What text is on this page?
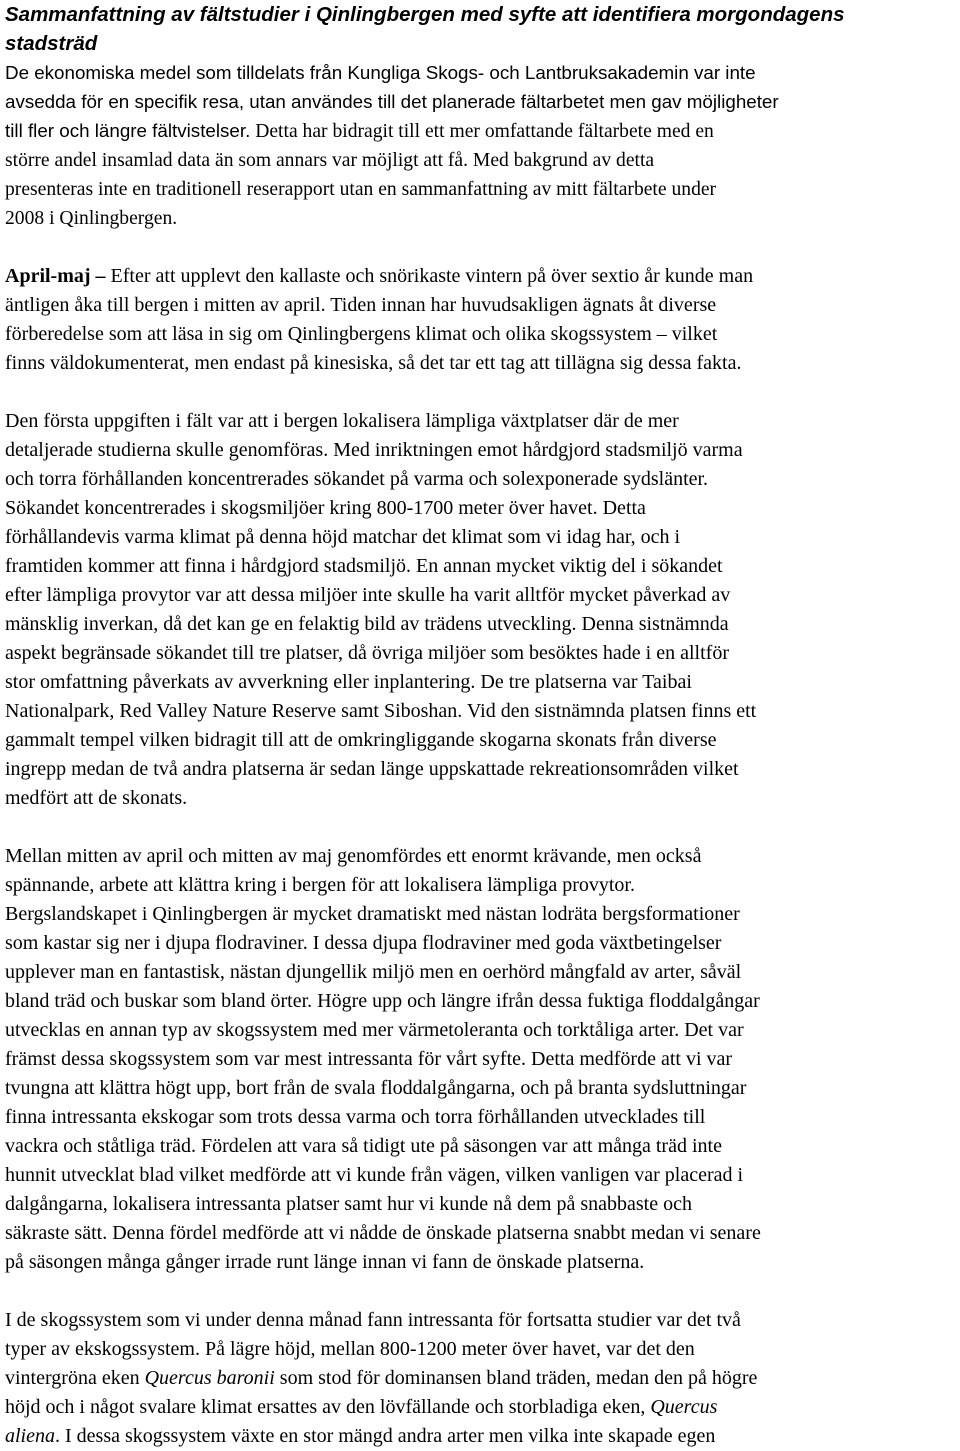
Sammanfattning av fältstudier i Qinlingbergen med syfte att identifiera morgondagens
stadsträd

De ekonomiska medel som tilldelats från Kungliga Skogs- och Lantbruksakademin var inte
avsedda för en specifik resa, utan användes till det planerade fältarbetet men gav möjligheter
till fler och längre fältvistelser. Detta har bidragit till ett mer omfattande fältarbete med en
större andel insamlad data än som annars var möjligt att få. Med bakgrund av detta
presenteras inte en traditionell reserapport utan en sammanfattning av mitt fältarbete under
2008 i Qinlingbergen.

April-maj – Efter att upplevt den kallaste och snörikaste vintern på över sextio år kunde man
äntligen åka till bergen i mitten av april. Tiden innan har huvudsakligen ägnats åt diverse
förberedelse som att läsa in sig om Qinlingbergens klimat och olika skogssystem – vilket
finns väldokumenterat, men endast på kinesiska, så det tar ett tag att tillägna sig dessa fakta.

Den första uppgiften i fält var att i bergen lokalisera lämpliga växtplatser där de mer
detaljerade studierna skulle genomföras. Med inriktningen emot hårdgjord stadsmiljö varma
och torra förhållanden koncentrerades sökandet på varma och solexponerade sydslänter.
Sökandet koncentrerades i skogsmiljöer kring 800-1700 meter över havet. Detta
förhållandevis varma klimat på denna höjd matchar det klimat som vi idag har, och i
framtiden kommer att finna i hårdgjord stadsmiljö. En annan mycket viktig del i sökandet
efter lämpliga provytor var att dessa miljöer inte skulle ha varit alltför mycket påverkad av
mänsklig inverkan, då det kan ge en felaktig bild av trädens utveckling. Denna sistnämnda
aspekt begränsade sökandet till tre platser, då övriga miljöer som besöktes hade i en alltför
stor omfattning påverkats av avverkning eller inplantering. De tre platserna var Taibai
Nationalpark, Red Valley Nature Reserve samt Siboshan. Vid den sistnämnda platsen finns ett
gammalt tempel vilken bidragit till att de omkringliggande skogarna skonats från diverse
ingrepp medan de två andra platserna är sedan länge uppskattade rekreationsområden vilket
medfört att de skonats.

Mellan mitten av april och mitten av maj genomfördes ett enormt krävande, men också
spännande, arbete att klättra kring i bergen för att lokalisera lämpliga provytor.
Bergslandskapet i Qinlingbergen är mycket dramatiskt med nästan lodräta bergsformationer
som kastar sig ner i djupa flodraviner. I dessa djupa flodraviner med goda växtbetingelser
upplever man en fantastisk, nästan djungellik miljö men en oerhörd mångfald av arter, såväl
bland träd och buskar som bland örter. Högre upp och längre ifrån dessa fuktiga floddalgångar
utvecklas en annan typ av skogssystem med mer värmetoleranta och torktåliga arter. Det var
främst dessa skogssystem som var mest intressanta för vårt syfte. Detta medförde att vi var
tvungna att klättra högt upp, bort från de svala floddalgångarna, och på branta sydsluttningar
finna intressanta ekskogar som trots dessa varma och torra förhållanden utvecklades till
vackra och ståtliga träd. Fördelen att vara så tidigt ute på säsongen var att många träd inte
hunnit utvecklat blad vilket medförde att vi kunde från vägen, vilken vanligen var placerad i
dalgångarna, lokalisera intressanta platser samt hur vi kunde nå dem på snabbaste och
säkraste sätt. Denna fördel medförde att vi nådde de önskade platserna snabbt medan vi senare
på säsongen många gånger irrade runt länge innan vi fann de önskade platserna.

I de skogssystem som vi under denna månad fann intressanta för fortsatta studier var det två
typer av ekskogssystem. På lägre höjd, mellan 800-1200 meter över havet, var det den
vintergröna eken Quercus baronii som stod för dominansen bland träden, medan den på högre
höjd och i något svalare klimat ersattes av den lövfällande och storbladiga eken, Quercus
aliena. I dessa skogssystem växte en stor mängd andra arter men vilka inte skapade egen
